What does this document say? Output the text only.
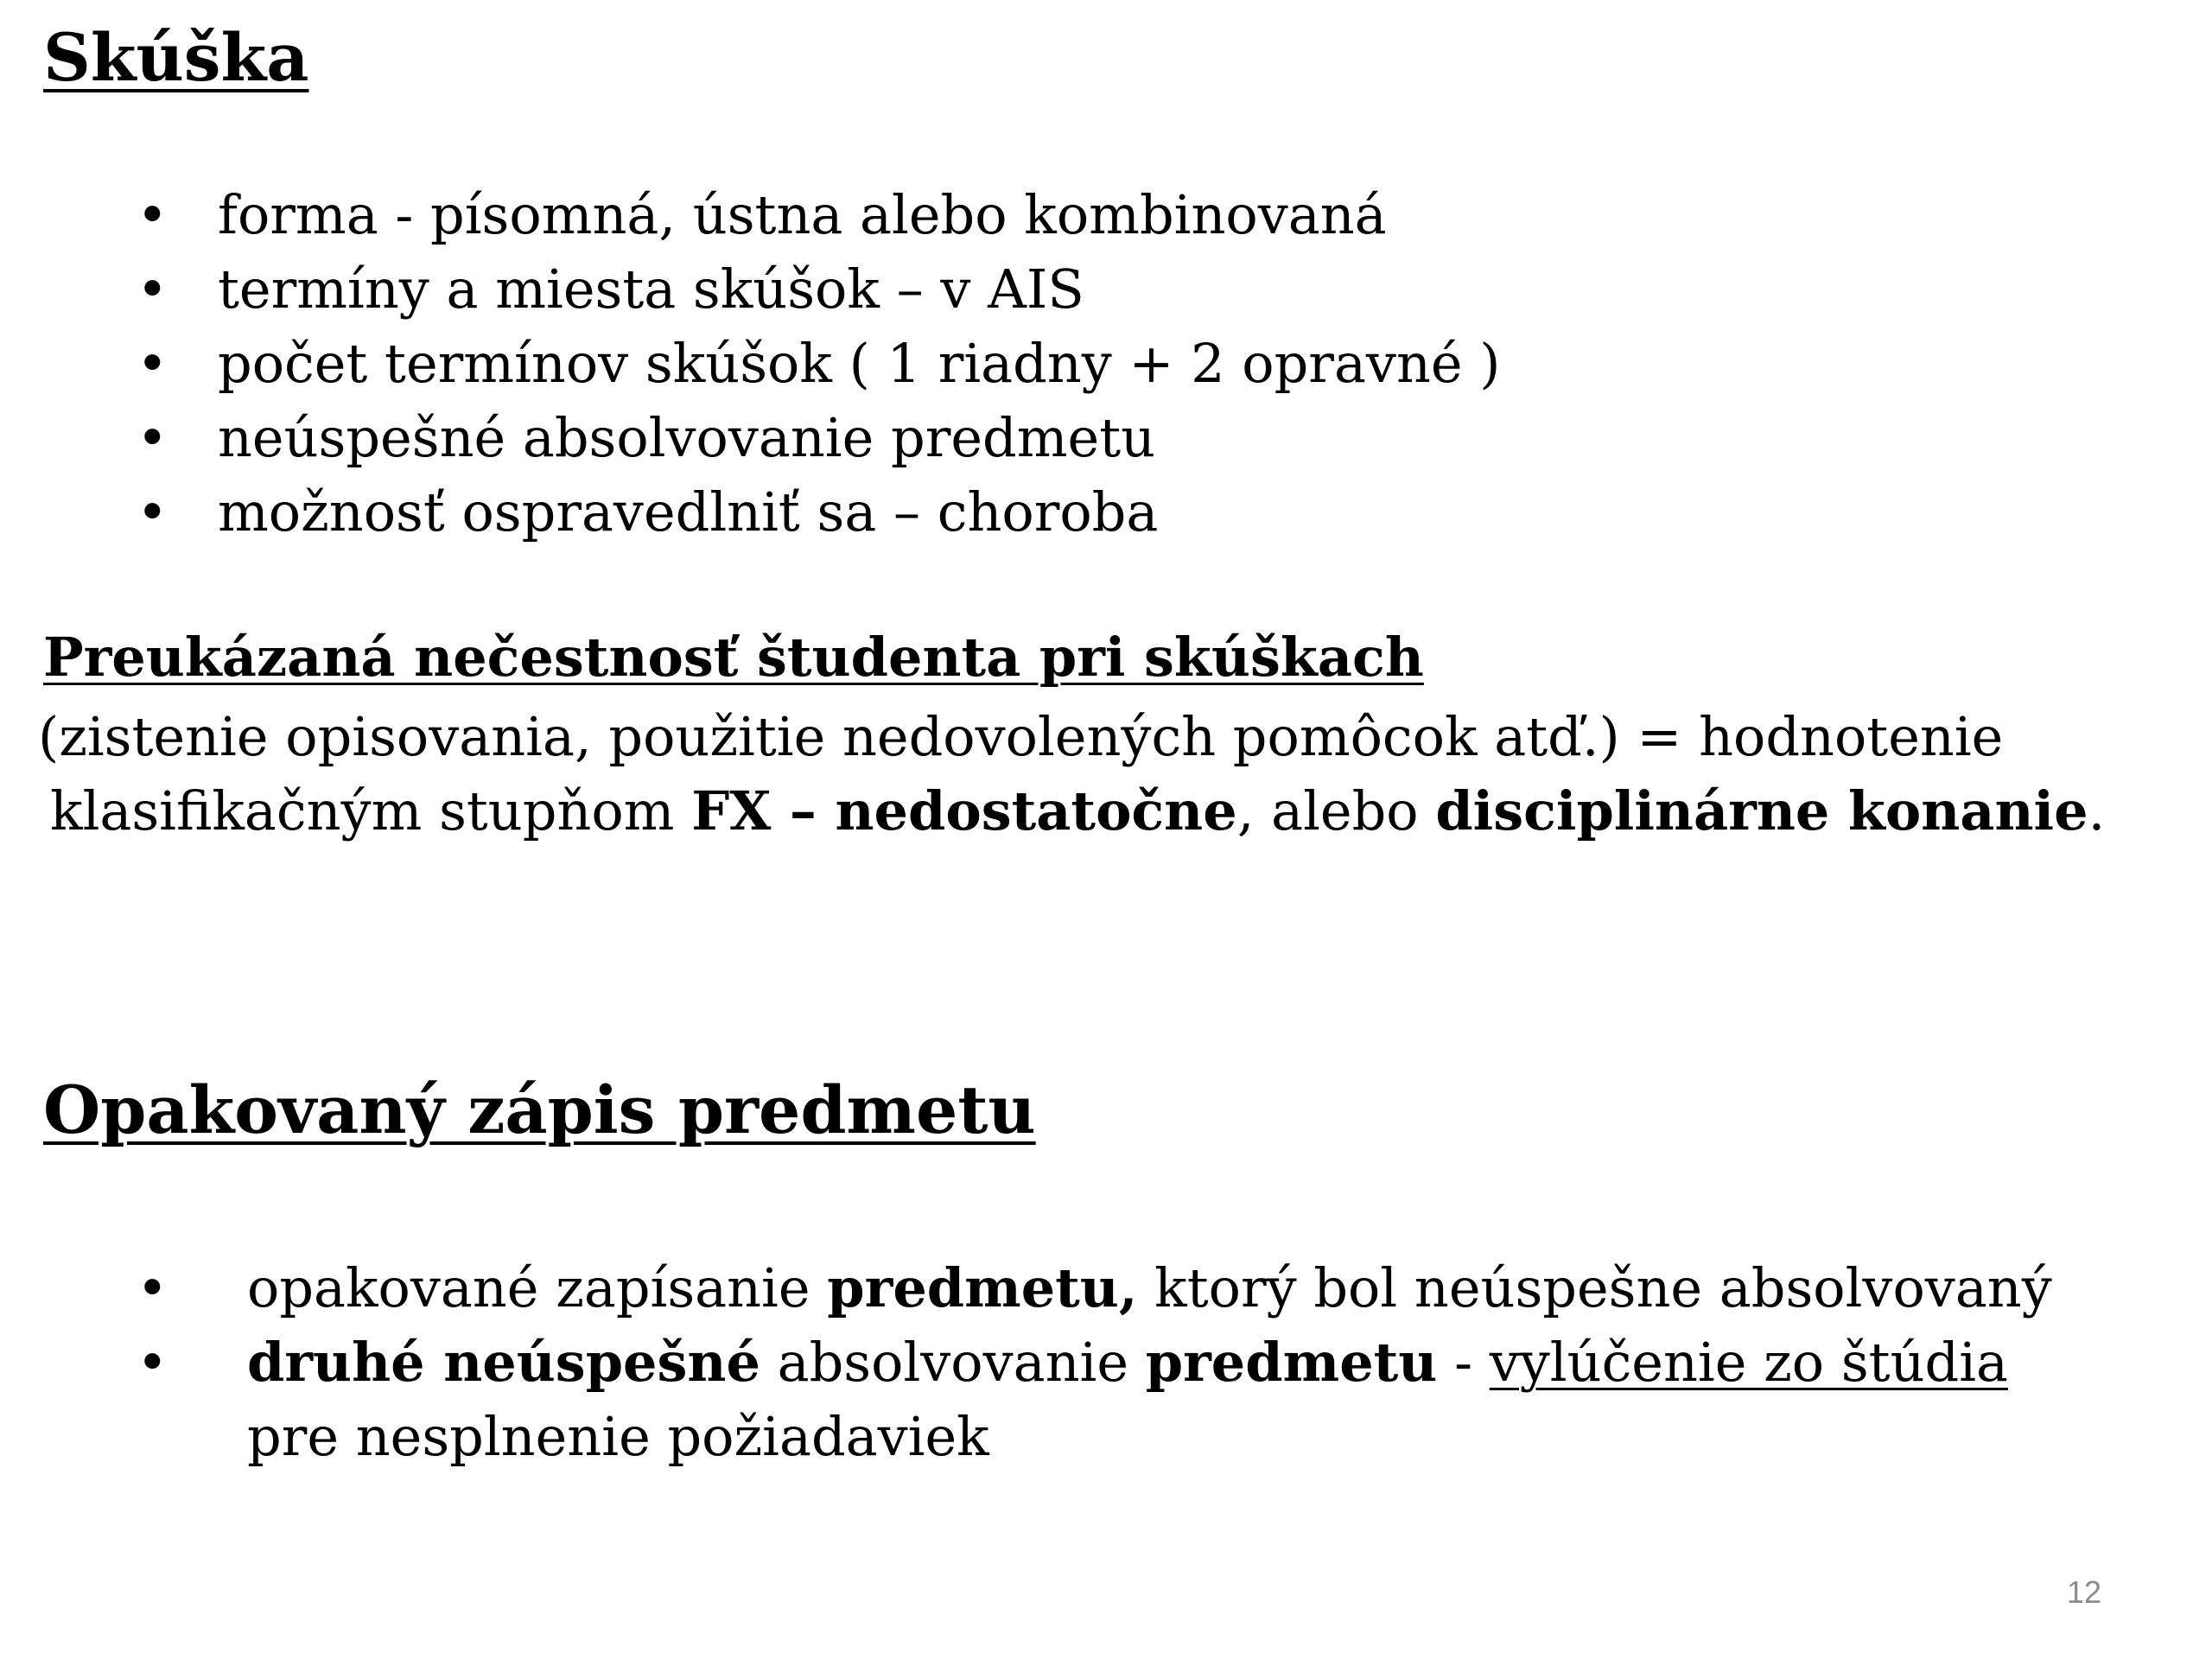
Skúška
• forma - písomná, ústna alebo kombinovaná
• termíny a miesta skúšok – v AIS
• počet termínov skúšok ( 1 riadny + 2 opravné )
• neúspešné absolvovanie predmetu
• možnosť ospravedlniť sa – choroba
Preukázaná nečestnosť študenta pri skúškach

(zistenie opisovania, použitie nedovolených pomôcok atď.) = hodnotenie
klasifikačným stupňom FX – nedostatočne, alebo disciplinárne konanie.

Opakovaný zápis predmetu
• opakované zapísanie predmetu, ktorý bol neúspešne absolvovaný
• druhé neúspešné absolvovanie predmetu - vylúčenie zo štúdia
pre nesplnenie požiadaviek
12
